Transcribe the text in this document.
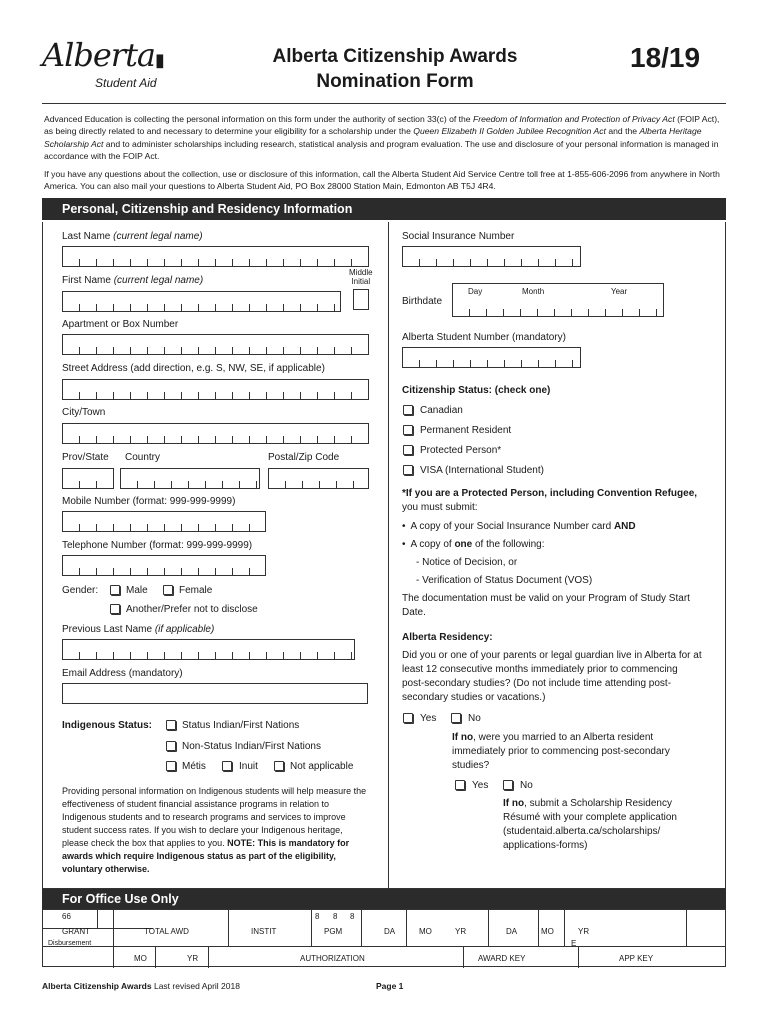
Alberta▮
Student Aid
Alberta Citizenship Awards
Nomination Form
18/19
Advanced Education is collecting the personal information on this form under the authority of section 33(c) of the Freedom of Information and Protection of Privacy Act (FOIP Act), as being directly related to and necessary to determine your eligibility for a scholarship under the Queen Elizabeth II Golden Jubilee Recognition Act and the Alberta Heritage Scholarship Act and to administer scholarships including research, statistical analysis and program evaluation. The use and disclosure of your personal information is managed in accordance with the FOIP Act.
If you have any questions about the collection, use or disclosure of this information, call the Alberta Student Aid Service Centre toll free at 1-855-606-2096 from anywhere in North America. You can also mail your questions to Alberta Student Aid, PO Box 28000 Station Main, Edmonton AB T5J 4R4.
Personal, Citizenship and Residency Information
Last Name (current legal name)
First Name (current legal name)
Middle
Initial
Apartment or Box Number
Street Address (add direction, e.g. S, NW, SE, if applicable)
City/Town
Prov/State Country	Postal/Zip Code
Mobile Number (format: 999-999-9999)
Telephone Number (format: 999-999-9999)
Gender:	Male	Female
Another/Prefer not to disclose
Previous Last Name (if applicable)
Email Address (mandatory)
Indigenous Status:	Status Indian/First Nations
Non-Status Indian/First Nations
Métis	Inuit	Not applicable
Providing personal information on Indigenous students will help measure the effectiveness of student financial assistance programs in relation to Indigenous students and to research programs and services to improve student success rates. If you wish to declare your Indigenous heritage, please check the box that applies to you. NOTE: This is mandatory for awards which require Indigenous status as part of the eligibility, voluntary otherwise.
Social Insurance Number
Birthdate
Day	Month	Year
Alberta Student Number (mandatory)
Citizenship Status: (check one)
Canadian
Permanent Resident
Protected Person*
VISA (International Student)
*If you are a Protected Person, including Convention Refugee, you must submit:
•  A copy of your Social Insurance Number card AND
•  A copy of one of the following:
- Notice of Decision, or
- Verification of Status Document (VOS)
The documentation must be valid on your Program of Study Start Date.
Alberta Residency:
Did you or one of your parents or legal guardian live in Alberta for at least 12 consecutive months immediately prior to commencing post-secondary studies? (Do not include time attending post-secondary studies or vacations.)
Yes	No
If no, were you married to an Alberta resident immediately prior to commencing post-secondary studies?
Yes	No
If no, submit a Scholarship Residency Résumé with your complete application (studentaid.alberta.ca/scholarships/ applications-forms)
For Office Use Only
66
GRANT	TOTAL AWD	INSTIT
8 8 8
PGM	DA	MO	YR	DA	MO	YR
E
Disbursement
MO	YR	AUTHORIZATION	AWARD KEY	APP KEY
Alberta Citizenship Awards Last revised April 2018	Page 1
